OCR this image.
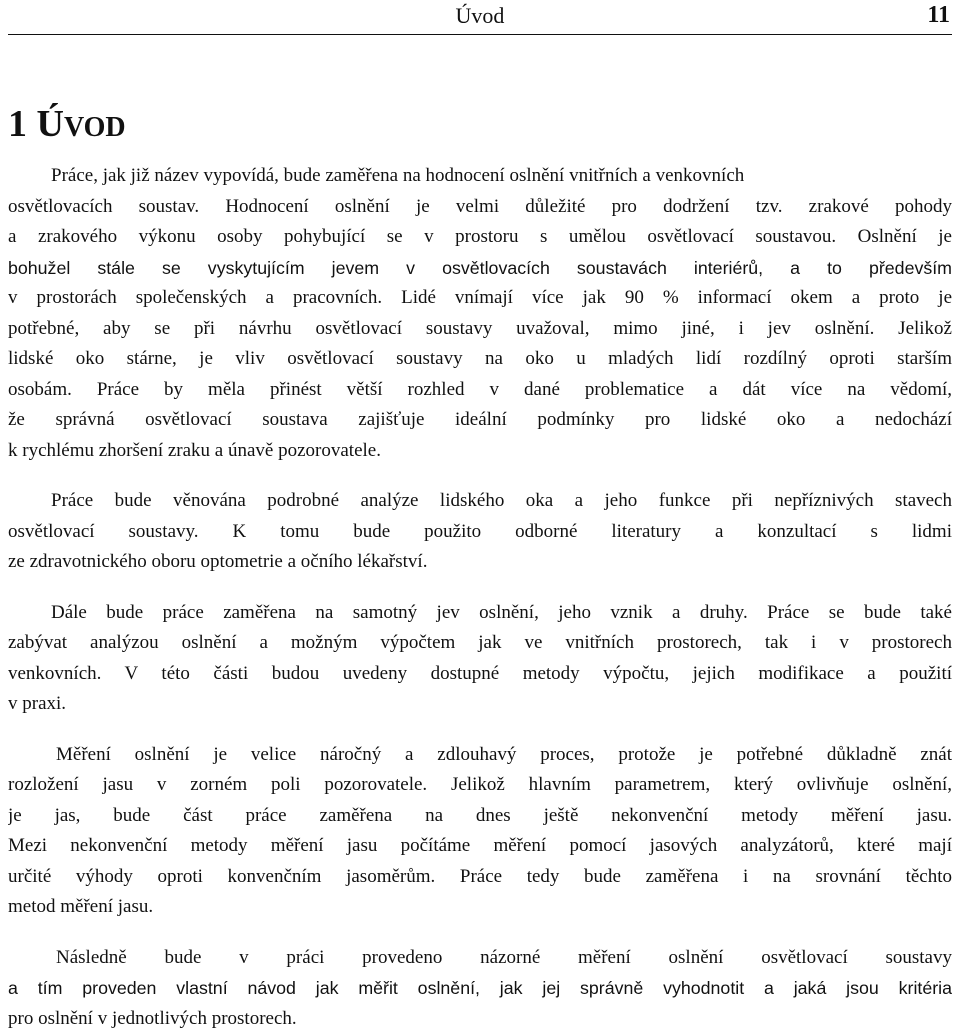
Úvod	11
1 ÚVOD

Práce, jak již název vypovídá, bude zaměřena na hodnocení oslnění vnitřních a venkovních
osvětlovacích soustav. Hodnocení oslnění je velmi důležité pro dodržení tzv. zrakové pohody
a zrakového výkonu osoby pohybující se v prostoru s umělou osvětlovací soustavou. Oslnění je
bohužel stále se vyskytujícím jevem v osvětlovacích soustavách interiérů, a to především
v prostorách společenských a pracovních. Lidé vnímají více jak 90 % informací okem a proto je
potřebné, aby se při návrhu osvětlovací soustavy uvažoval, mimo jiné, i jev oslnění. Jelikož
lidské oko stárne, je vliv osvětlovací soustavy na oko u mladých lidí rozdílný oproti starším
osobám. Práce by měla přinést větší rozhled v dané problematice a dát více na vědomí,
že správná osvětlovací soustava zajišťuje ideální podmínky pro lidské oko a nedochází
k rychlému zhoršení zraku a únavě pozorovatele.

Práce bude věnována podrobné analýze lidského oka a jeho funkce při nepříznivých stavech
osvětlovací soustavy. K tomu bude použito odborné literatury a konzultací s lidmi
ze zdravotnického oboru optometrie a očního lékařství.

Dále bude práce zaměřena na samotný jev oslnění, jeho vznik a druhy. Práce se bude také
zabývat analýzou oslnění a možným výpočtem jak ve vnitřních prostorech, tak i v prostorech
venkovních. V této části budou uvedeny dostupné metody výpočtu, jejich modifikace a použití
v praxi.

Měření oslnění je velice náročný a zdlouhavý proces, protože je potřebné důkladně znát
rozložení jasu v zorném poli pozorovatele. Jelikož hlavním parametrem, který ovlivňuje oslnění,
je jas, bude část práce zaměřena na dnes ještě nekonvenční metody měření jasu.
Mezi nekonvenční metody měření jasu počítáme měření pomocí jasových analyzátorů, které mají
určité výhody oproti konvenčním jasoměrům. Práce tedy bude zaměřena i na srovnání těchto
metod měření jasu.

Následně bude v práci provedeno názorné měření oslnění osvětlovací soustavy
a tím proveden vlastní návod jak měřit oslnění, jak jej správně vyhodnotit a jaká jsou kritéria
pro oslnění v jednotlivých prostorech.
